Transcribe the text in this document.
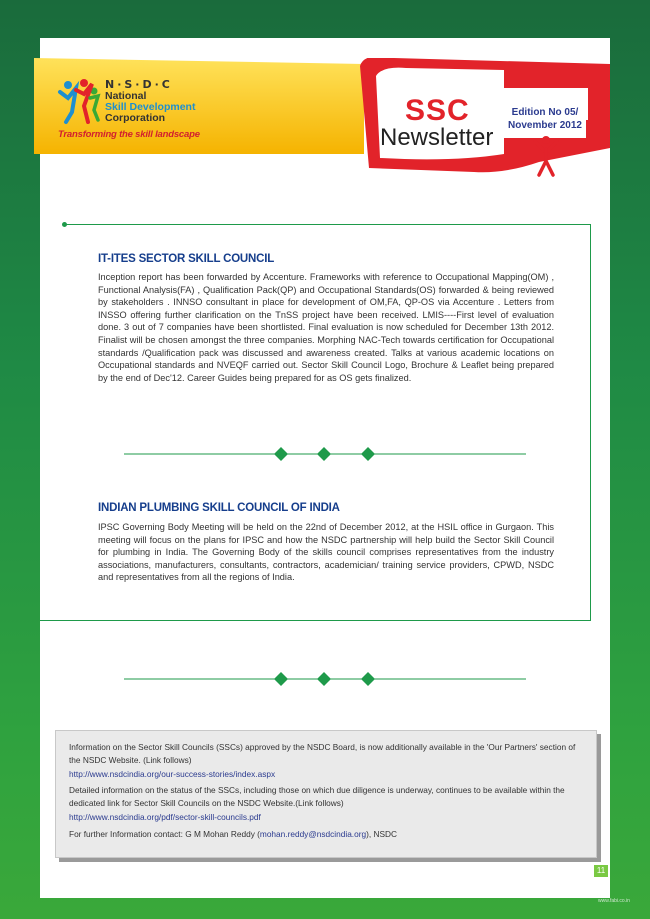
N·S·D·C
National
Skill Development
Corporation
Transforming the skill landscape
SSC
Newsletter
Edition No 05/
November 2012
IT-ITES SECTOR SKILL COUNCIL
Inception report has been forwarded by Accenture. Frameworks with reference to Occupational Mapping(OM) , Functional Analysis(FA) , Qualification Pack(QP) and Occupational Standards(OS) forwarded & being reviewed by stakeholders . INNSO consultant in place for development of OM,FA, QP-OS via Accenture . Letters from INSSO offering further clarification on the TnSS project have been received. LMIS----First level of evaluation done. 3 out of 7 companies have been shortlisted. Final evaluation is now scheduled for December 13th 2012. Finalist will be chosen amongst the three companies. Morphing NAC-Tech towards certification for Occupational standards /Qualification pack was discussed and awareness created. Talks at various academic locations on Occupational standards and NVEQF carried out. Sector Skill Council Logo, Brochure & Leaflet being prepared by the end of Dec'12. Career Guides being prepared for as OS gets finalized.
INDIAN PLUMBING SKILL COUNCIL OF INDIA
IPSC Governing Body Meeting will be held on the 22nd of December 2012, at the HSIL office in Gurgaon. This meeting will focus on the plans for IPSC and how the NSDC partnership will help build the Sector Skill Council for plumbing in India. The Governing Body of the skills council comprises representatives from the industry associations, manufacturers, consultants, contractors, academician/ training service providers, CPWD, NSDC and representatives from all the regions of India.
Information on the Sector Skill Councils (SSCs) approved by the NSDC Board, is now additionally available in the 'Our Partners' section of the NSDC Website. (Link follows)
http://www.nsdcindia.org/our-success-stories/index.aspx
Detailed information on the status of the SSCs, including those on which due diligence is underway, continues to be available within the dedicated link for Sector Skill Councils on the NSDC Website.(Link follows)
http://www.nsdcindia.org/pdf/sector-skill-councils.pdf
For further Information contact: G M Mohan Reddy (mohan.reddy@nsdcindia.org), NSDC
11
www.fabi.co.in
